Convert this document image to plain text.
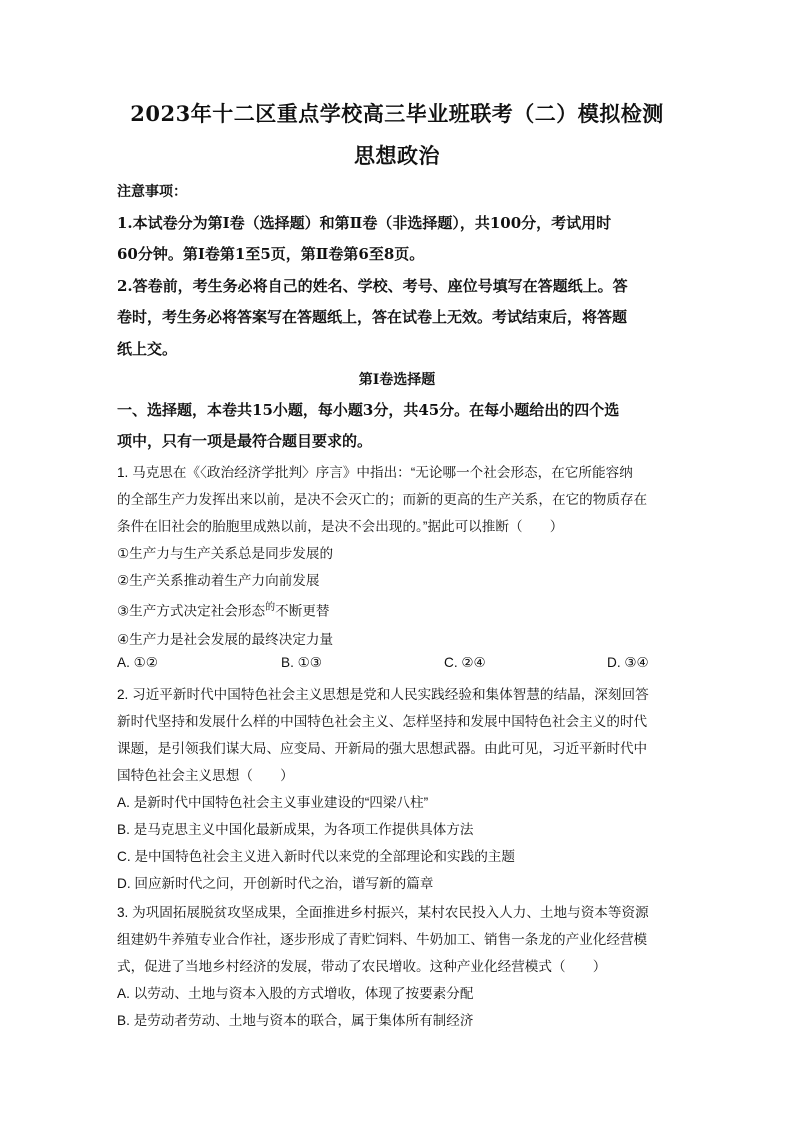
2023年十二区重点学校高三毕业班联考（二）模拟检测
思想政治
注意事项：
1.本试卷分为第Ⅰ卷（选择题）和第Ⅱ卷（非选择题），共100分，考试用时
60分钟。第Ⅰ卷第1至5页，第Ⅱ卷第6至8页。
2.答卷前，考生务必将自己的姓名、学校、考号、座位号填写在答题纸上。答
卷时，考生务必将答案写在答题纸上，答在试卷上无效。考试结束后，将答题
纸上交。
第Ⅰ卷选择题
一、选择题，本卷共15小题，每小题3分，共45分。在每小题给出的四个选
项中，只有一项是最符合题目要求的。
1. 马克思在《〈政治经济学批判〉序言》中指出：“无论哪一个社会形态，在它所能容纳
的全部生产力发挥出来以前，是决不会灭亡的；而新的更高的生产关系，在它的物质存在
条件在旧社会的胎胞里成熟以前，是决不会出现的。”据此可以推断（　　）
①生产力与生产关系总是同步发展的
②生产关系推动着生产力向前发展
③生产方式决定社会形态$^的$不断更替
④生产力是社会发展的最终决定力量
A. ①②	B. ①③	C. ②④	D. ③④
2. 习近平新时代中国特色社会主义思想是党和人民实践经验和集体智慧的结晶，深刻回答
新时代坚持和发展什么样的中国特色社会主义、怎样坚持和发展中国特色社会主义的时代
课题，是引领我们谋大局、应变局、开新局的强大思想武器。由此可见，习近平新时代中
国特色社会主义思想（　　）
A. 是新时代中国特色社会主义事业建设的“四梁八柱”
B. 是马克思主义中国化最新成果，为各项工作提供具体方法
C. 是中国特色社会主义进入新时代以来党的全部理论和实践的主题
D. 回应新时代之问，开创新时代之治，谱写新的篇章
3. 为巩固拓展脱贫攻坚成果，全面推进乡村振兴，某村农民投入人力、土地与资本等资源
组建奶牛养殖专业合作社，逐步形成了青贮饲料、牛奶加工、销售一条龙的产业化经营模
式，促进了当地乡村经济的发展，带动了农民增收。这种产业化经营模式（　　）
A. 以劳动、土地与资本入股的方式增收，体现了按要素分配
B. 是劳动者劳动、土地与资本的联合，属于集体所有制经济
